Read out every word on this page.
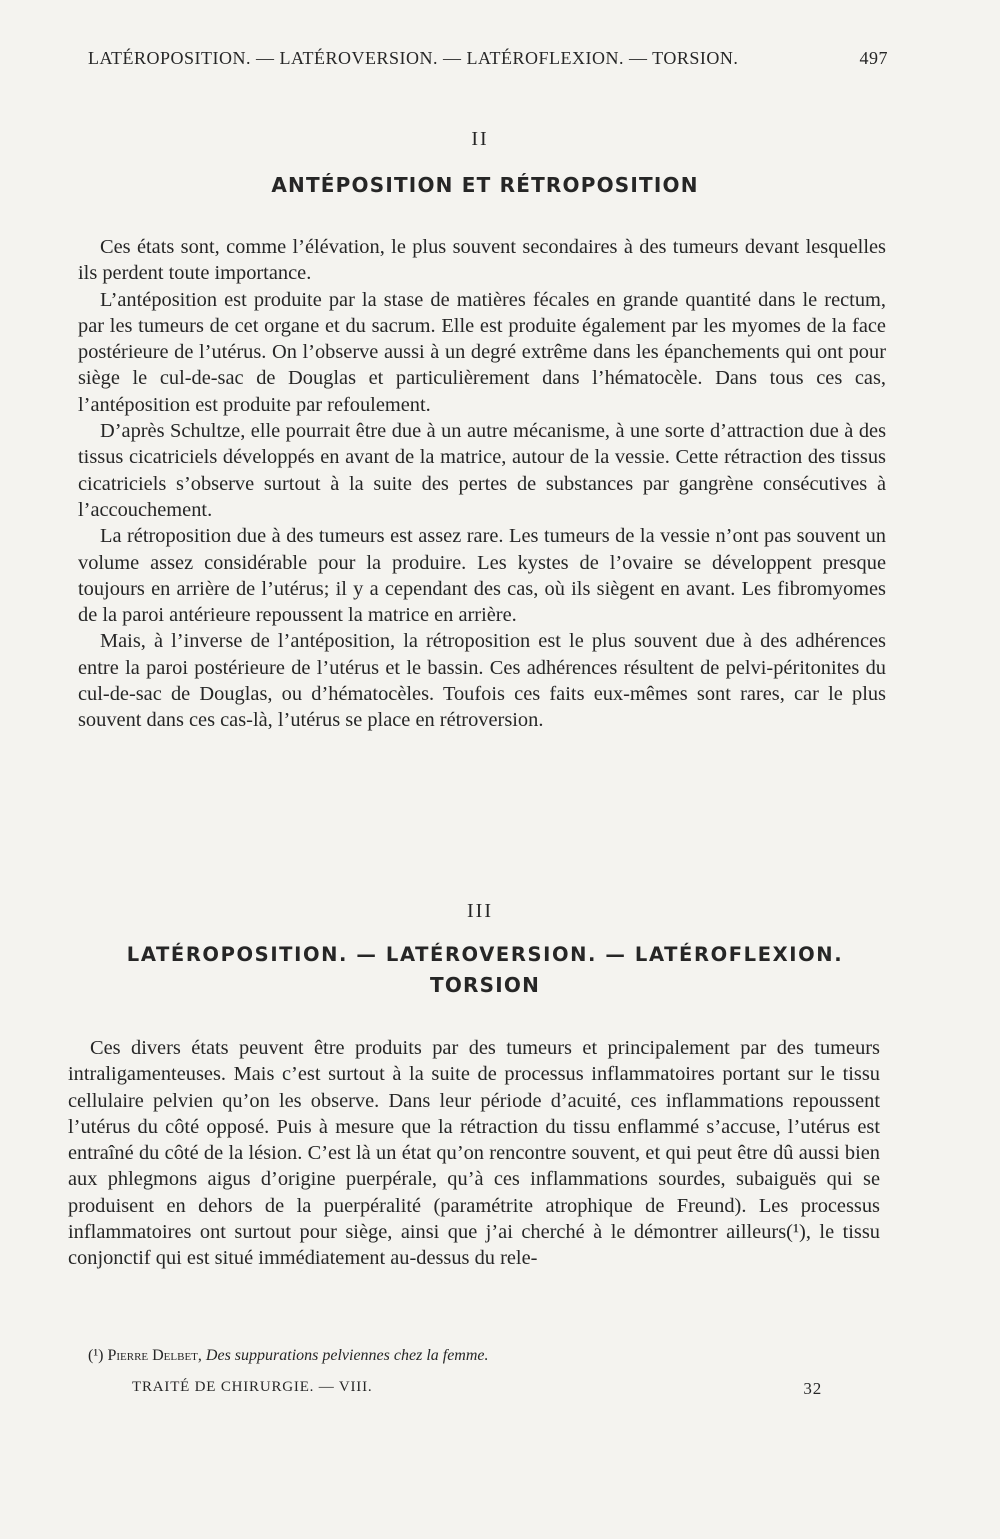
LATÉROPOSITION. — LATÉROVERSION. — LATÉROFLEXION. — TORSION.	497
II
ANTÉPOSITION ET RÉTROPOSITION

Ces états sont, comme l’élévation, le plus souvent secondaires à des tumeurs devant lesquelles ils perdent toute importance.

L’antéposition est produite par la stase de matières fécales en grande quantité dans le rectum, par les tumeurs de cet organe et du sacrum. Elle est produite également par les myomes de la face postérieure de l’utérus. On l’observe aussi à un degré extrême dans les épanchements qui ont pour siège le cul-de-sac de Douglas et particulièrement dans l’hématocèle. Dans tous ces cas, l’antéposition est produite par refoulement.

D’après Schultze, elle pourrait être due à un autre mécanisme, à une sorte d’attraction due à des tissus cicatriciels développés en avant de la matrice, autour de la vessie. Cette rétraction des tissus cicatriciels s’observe surtout à la suite des pertes de substances par gangrène consécutives à l’accouchement.

La rétroposition due à des tumeurs est assez rare. Les tumeurs de la vessie n’ont pas souvent un volume assez considérable pour la produire. Les kystes de l’ovaire se développent presque toujours en arrière de l’utérus; il y a cependant des cas, où ils siègent en avant. Les fibromyomes de la paroi antérieure repoussent la matrice en arrière.

Mais, à l’inverse de l’antéposition, la rétroposition est le plus souvent due à des adhérences entre la paroi postérieure de l’utérus et le bassin. Ces adhérences résultent de pelvi-péritonites du cul-de-sac de Douglas, ou d’hématocèles. Toufois ces faits eux-mêmes sont rares, car le plus souvent dans ces cas-là, l’utérus se place en rétroversion.

III
LATÉROPOSITION. — LATÉROVERSION. — LATÉROFLEXION.
TORSION

Ces divers états peuvent être produits par des tumeurs et principalement par des tumeurs intraligamenteuses. Mais c’est surtout à la suite de processus inflammatoires portant sur le tissu cellulaire pelvien qu’on les observe. Dans leur période d’acuité, ces inflammations repoussent l’utérus du côté opposé. Puis à mesure que la rétraction du tissu enflammé s’accuse, l’utérus est entraîné du côté de la lésion. C’est là un état qu’on rencontre souvent, et qui peut être dû aussi bien aux phlegmons aigus d’origine puerpérale, qu’à ces inflammations sourdes, subaiguës qui se produisent en dehors de la puerpéralité (paramétrite atrophique de Freund). Les processus inflammatoires ont surtout pour siège, ainsi que j’ai cherché à le démontrer ailleurs(¹), le tissu conjonctif qui est situé immédiatement au-dessus du rele-

(¹) Pierre Delbet, Des suppurations pelviennes chez la femme.
TRAITÉ DE CHIRURGIE. — VIII.	32
